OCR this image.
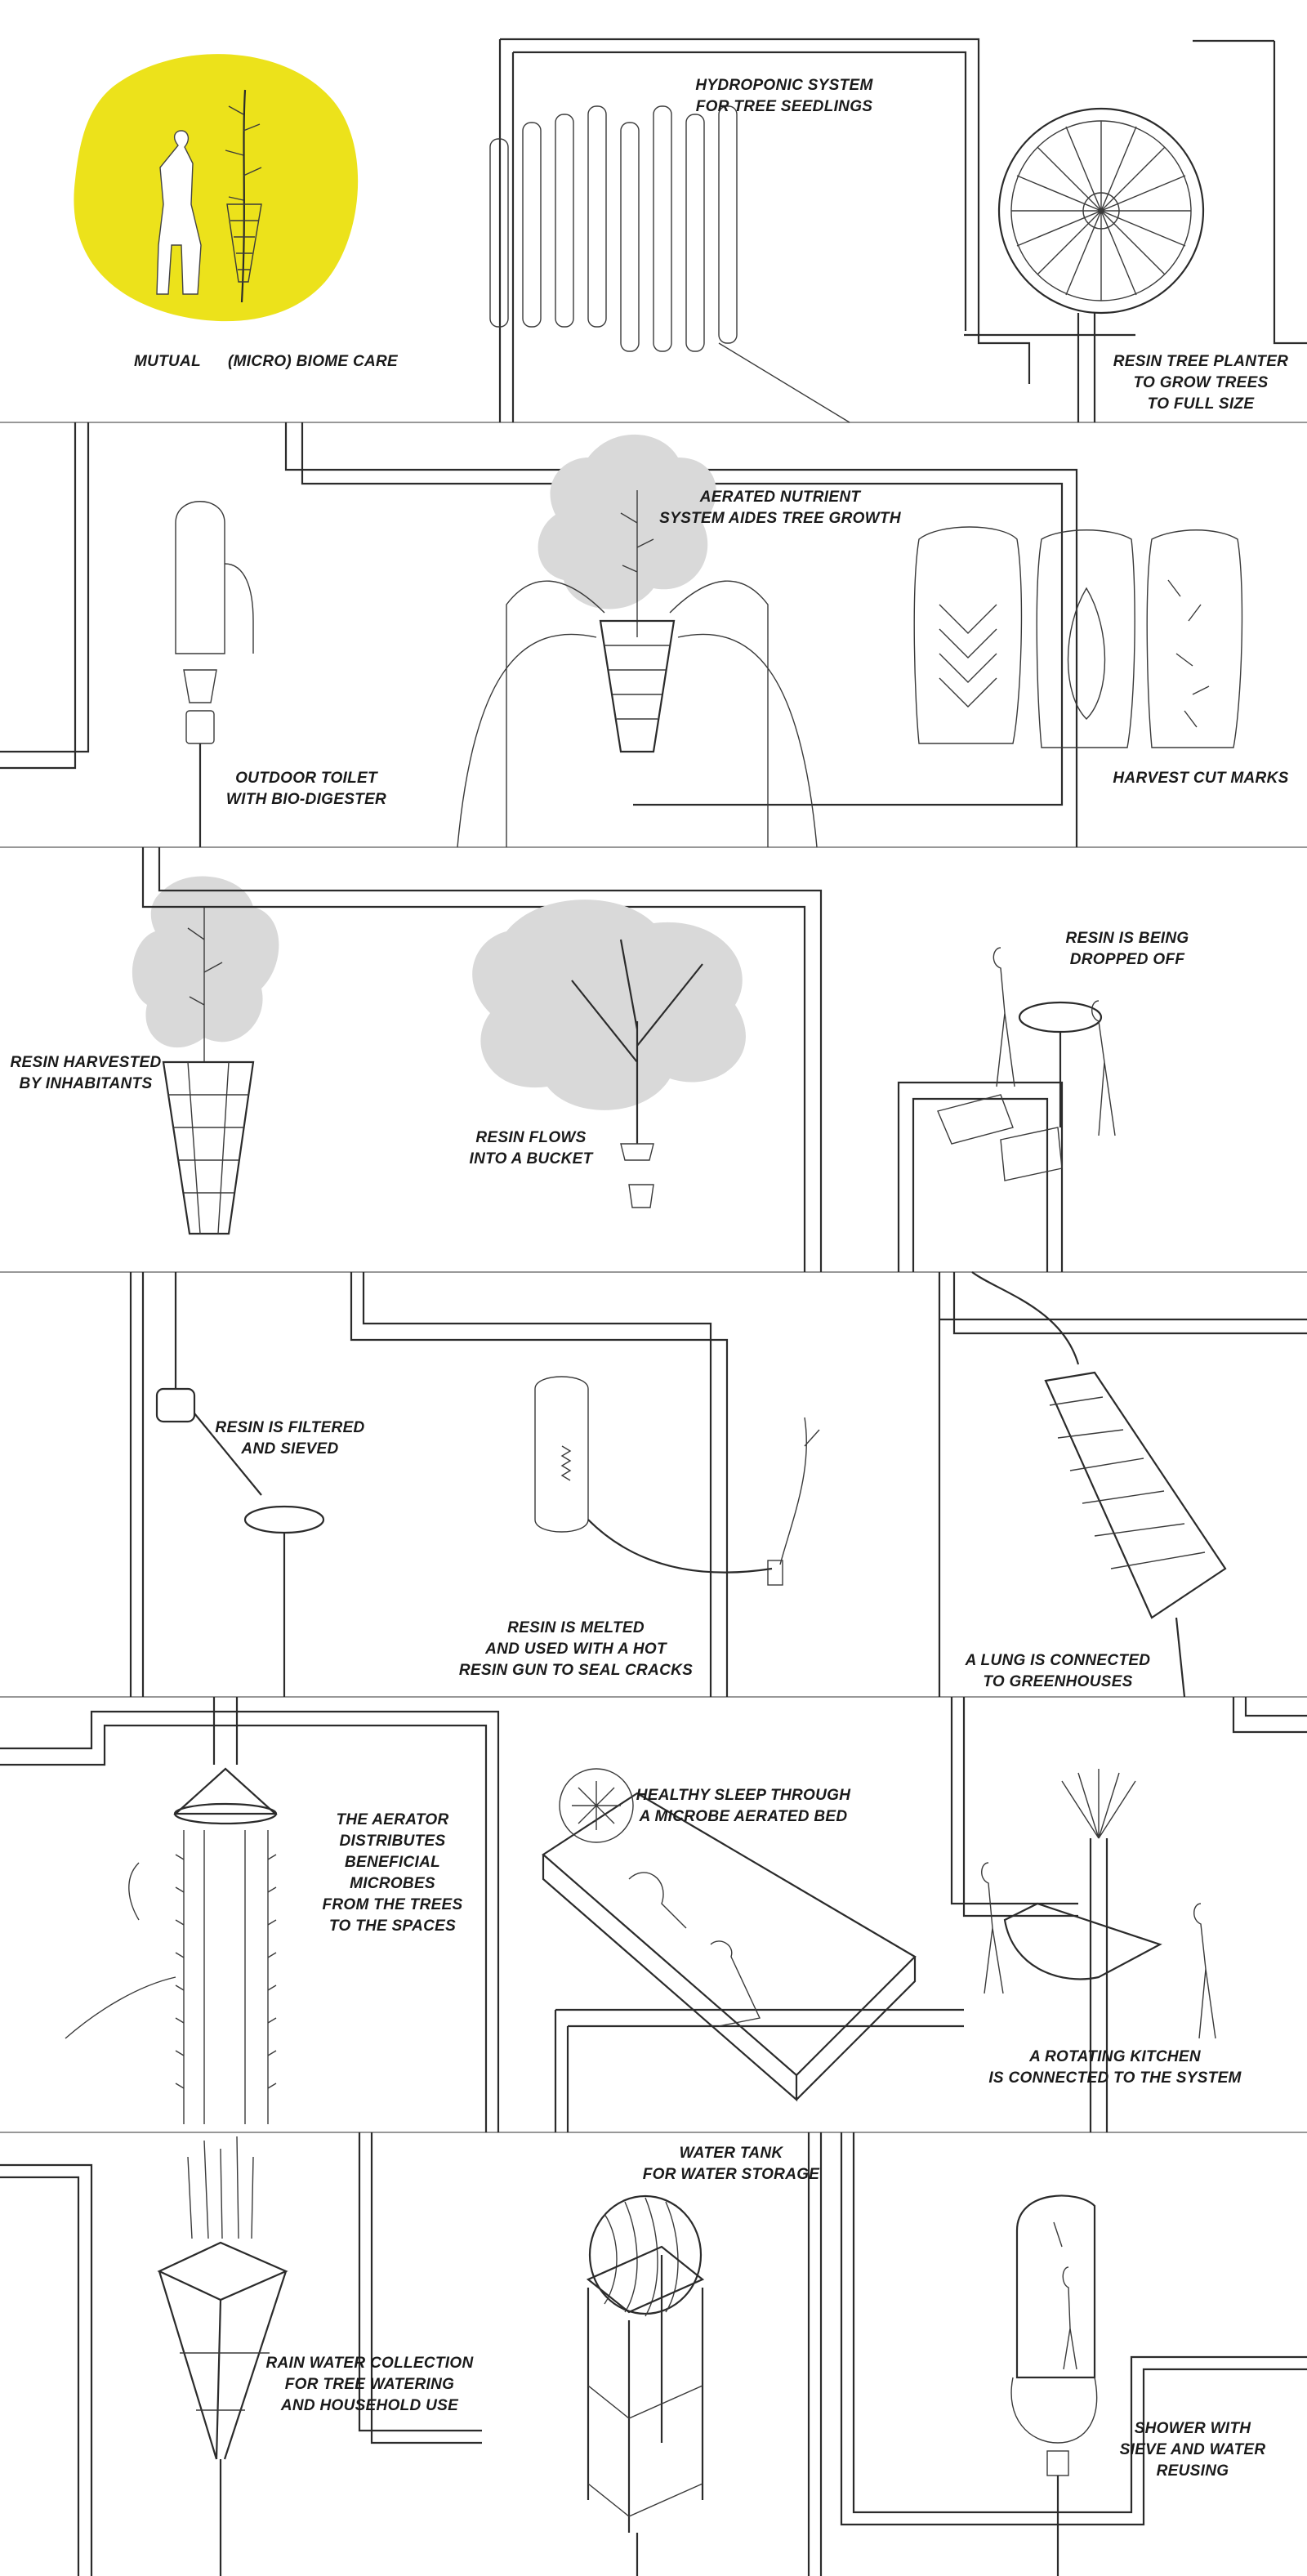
MUTUAL	(MICRO) BIOME CARE
HYDROPONIC SYSTEM
FOR TREE SEEDLINGS
RESIN TREE PLANTER
TO GROW TREES
TO FULL SIZE
AERATED NUTRIENT
SYSTEM AIDES TREE GROWTH
OUTDOOR TOILET
WITH BIO-DIGESTER
HARVEST CUT MARKS
RESIN HARVESTED
BY INHABITANTS
RESIN FLOWS
INTO A BUCKET
RESIN IS BEING
DROPPED OFF
RESIN IS FILTERED
AND SIEVED
RESIN IS MELTED
AND USED WITH A HOT
RESIN GUN TO SEAL CRACKS
A LUNG IS CONNECTED
TO GREENHOUSES
THE AERATOR
DISTRIBUTES
BENEFICIAL
MICROBES
FROM THE TREES
TO THE SPACES
HEALTHY SLEEP THROUGH
A MICROBE AERATED BED
A ROTATING KITCHEN
IS CONNECTED TO THE SYSTEM
WATER TANK
FOR WATER STORAGE
RAIN WATER COLLECTION
FOR TREE WATERING
AND HOUSEHOLD USE
SHOWER WITH
SIEVE AND WATER
REUSING
